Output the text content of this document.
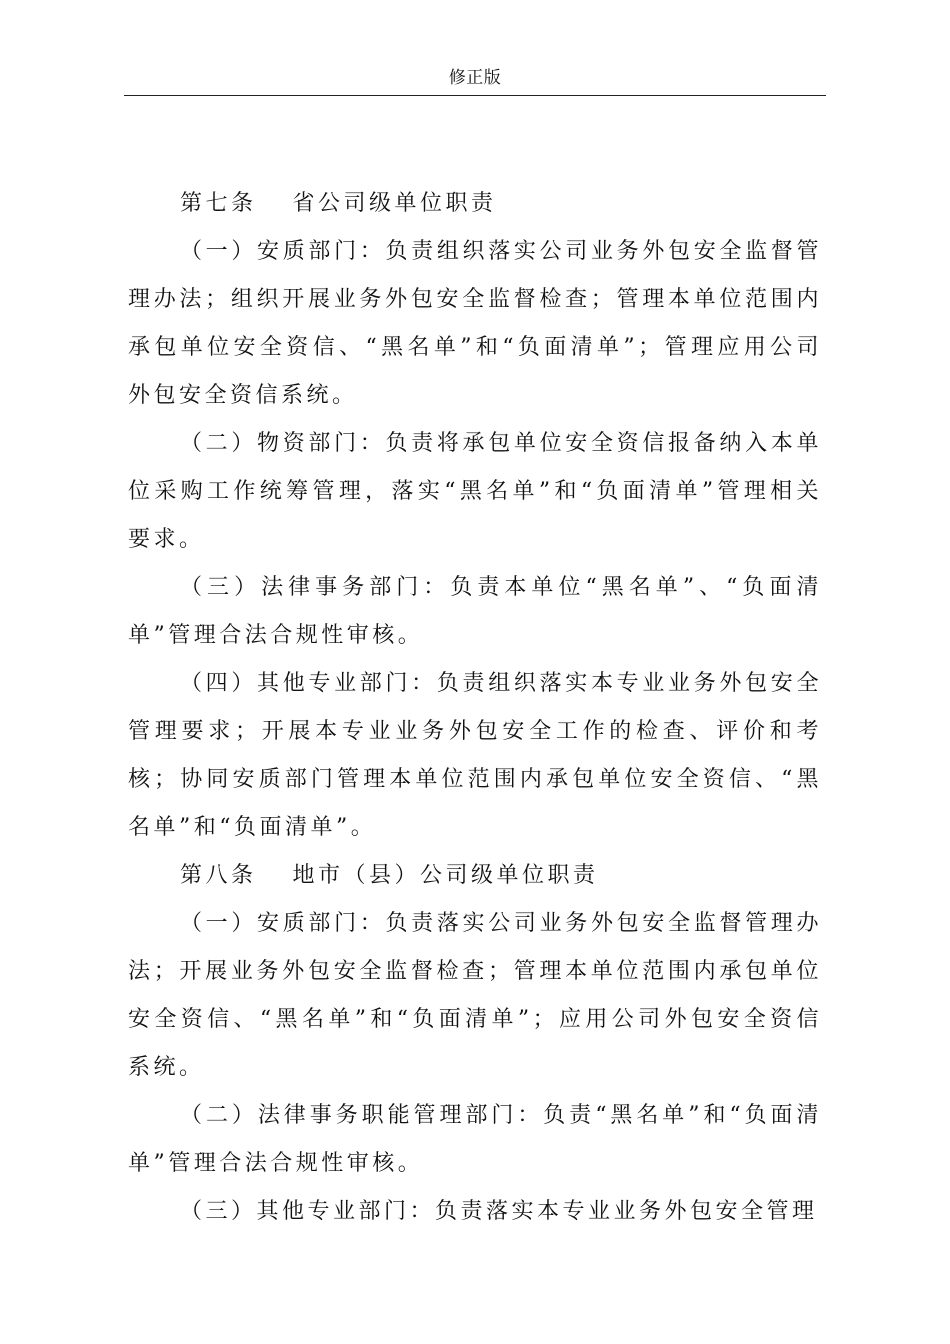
修正版

第七条　 省公司级单位职责

（一）安质部门：负责组织落实公司业务外包安全监督管理办法；组织开展业务外包安全监督检查；管理本单位范围内承包单位安全资信、“黑名单”和“负面清单”；管理应用公司外包安全资信系统。

（二）物资部门：负责将承包单位安全资信报备纳入本单位采购工作统筹管理，落实“黑名单”和“负面清单”管理相关要求。

（三）法律事务部门：负责本单位“黑名单”、“负面清单”管理合法合规性审核。

（四）其他专业部门：负责组织落实本专业业务外包安全管理要求；开展本专业业务外包安全工作的检查、评价和考核；协同安质部门管理本单位范围内承包单位安全资信、“黑名单”和“负面清单”。

第八条　 地市（县）公司级单位职责

（一）安质部门：负责落实公司业务外包安全监督管理办法；开展业务外包安全监督检查；管理本单位范围内承包单位安全资信、“黑名单”和“负面清单”；应用公司外包安全资信系统。

（二）法律事务职能管理部门：负责“黑名单”和“负面清单”管理合法合规性审核。

（三）其他专业部门：负责落实本专业业务外包安全管理
